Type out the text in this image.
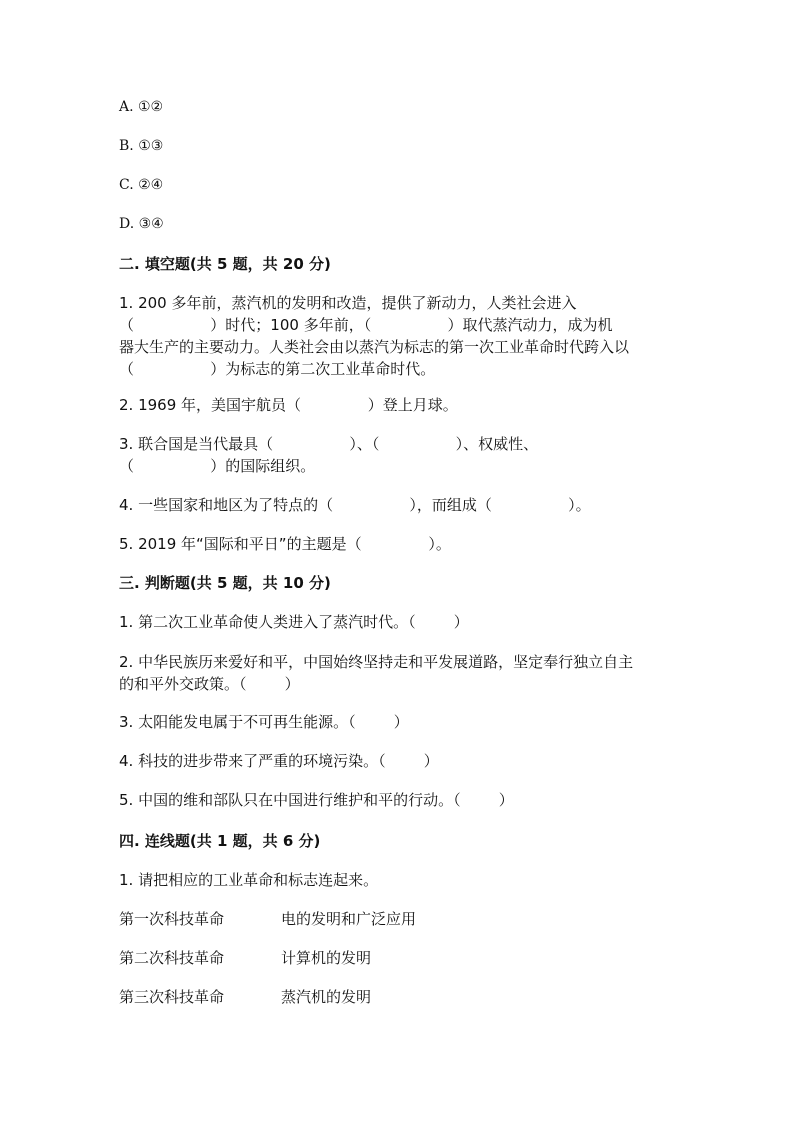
A. ①②
B. ①③
C. ②④
D. ③④
二. 填空题(共 5 题，共 20 分)
1. 200 多年前，蒸汽机的发明和改造，提供了新动力，人类社会进入
（                ）时代；100 多年前，（                ）取代蒸汽动力，成为机
器大生产的主要动力。人类社会由以蒸汽为标志的第一次工业革命时代跨入以
（                ）为标志的第二次工业革命时代。
2. 1969 年，美国宇航员（              ）登上月球。
3. 联合国是当代最具（                ）、（                ）、权威性、
（                ）的国际组织。
4. 一些国家和地区为了特点的（                ），而组成（                ）。
5. 2019 年“国际和平日”的主题是（              ）。
三. 判断题(共 5 题，共 10 分)
1. 第二次工业革命使人类进入了蒸汽时代。（        ）
2. 中华民族历来爱好和平，中国始终坚持走和平发展道路，坚定奉行独立自主
的和平外交政策。（        ）
3. 太阳能发电属于不可再生能源。（        ）
4. 科技的进步带来了严重的环境污染。（        ）
5. 中国的维和部队只在中国进行维护和平的行动。（        ）
四. 连线题(共 1 题，共 6 分)
1. 请把相应的工业革命和标志连起来。
第一次科技革命	电的发明和广泛应用
第二次科技革命	计算机的发明
第三次科技革命	蒸汽机的发明
